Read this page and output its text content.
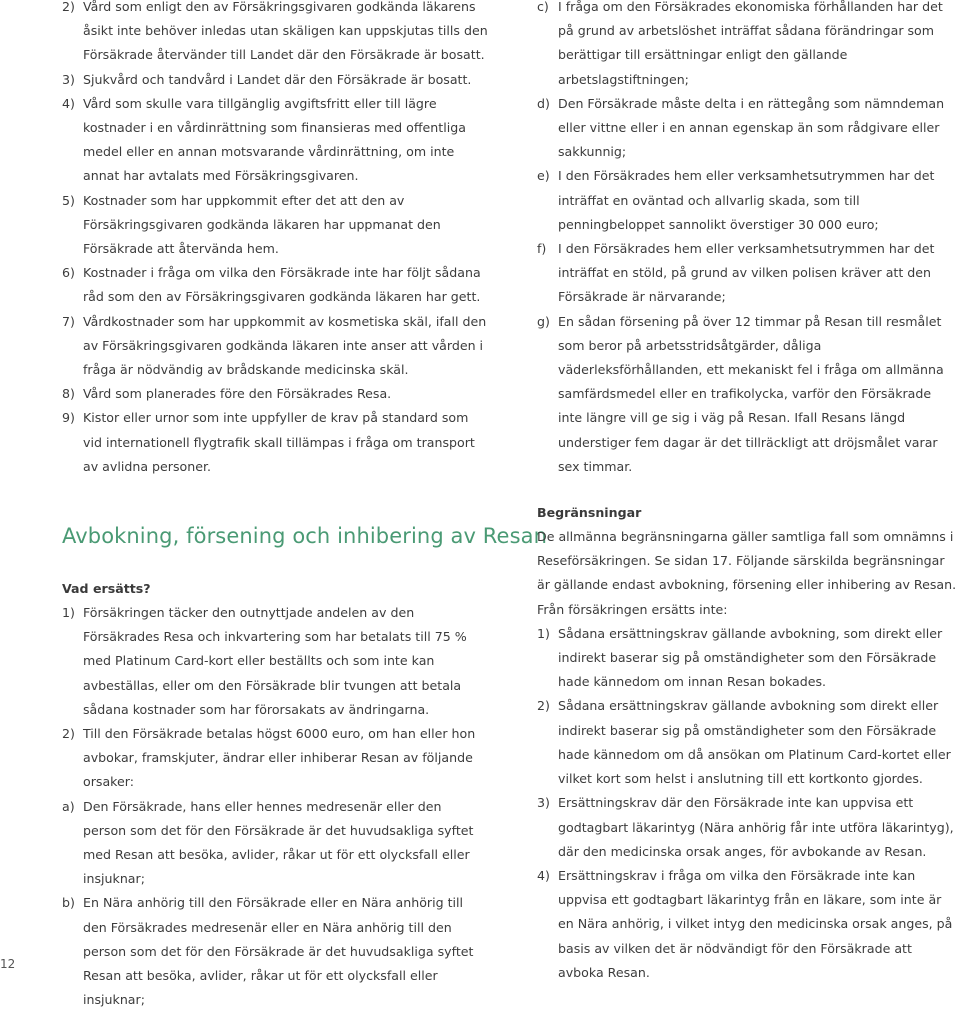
2) Vård som enligt den av Försäkringsgivaren godkända läkarens åsikt inte behöver inledas utan skäligen kan uppskjutas tills den Försäkrade återvänder till Landet där den Försäkrade är bosatt.
3) Sjukvård och tandvård i Landet där den Försäkrade är bosatt.
4) Vård som skulle vara tillgänglig avgiftsfritt eller till lägre kostnader i en vårdinrättning som finansieras med offentliga medel eller en annan motsvarande vårdinrättning, om inte annat har avtalats med Försäkringsgivaren.
5) Kostnader som har uppkommit efter det att den av Försäkringsgivaren godkända läkaren har uppmanat den Försäkrade att återvända hem.
6) Kostnader i fråga om vilka den Försäkrade inte har följt sådana råd som den av Försäkringsgivaren godkända läkaren har gett.
7) Vårdkostnader som har uppkommit av kosmetiska skäl, ifall den av Försäkringsgivaren godkända läkaren inte anser att vården i fråga är nödvändig av brådskande medicinska skäl.
8) Vård som planerades före den Försäkrades Resa.
9) Kistor eller urnor som inte uppfyller de krav på standard som vid internationell flygtrafik skall tillämpas i fråga om transport av avlidna personer.
Avbokning, försening och inhibering av Resan
Vad ersätts?
1) Försäkringen täcker den outnyttjade andelen av den Försäkrades Resa och inkvartering som har betalats till 75 % med Platinum Card-kort eller beställts och som inte kan avbeställas, eller om den Försäkrade blir tvungen att betala sådana kostnader som har förorsakats av ändringarna.
2) Till den Försäkrade betalas högst 6000 euro, om han eller hon avbokar, framskjuter, ändrar eller inhiberar Resan av följande orsaker:
a) Den Försäkrade, hans eller hennes medresenär eller den person som det för den Försäkrade är det huvudsakliga syftet med Resan att besöka, avlider, råkar ut för ett olycksfall eller insjuknar;
b) En Nära anhörig till den Försäkrade eller en Nära anhörig till den Försäkrades medresenär eller en Nära anhörig till den person som det för den Försäkrade är det huvudsakliga syftet Resan att besöka, avlider, råkar ut för ett olycksfall eller insjuknar;
c) I fråga om den Försäkrades ekonomiska förhållanden har det på grund av arbetslöshet inträffat sådana förändringar som berättigar till ersättningar enligt den gällande arbetslagstiftningen;
d) Den Försäkrade måste delta i en rättegång som nämndeman eller vittne eller i en annan egenskap än som rådgivare eller sakkunnig;
e) I den Försäkrades hem eller verksamhetsutrymmen har det inträffat en oväntad och allvarlig skada, som till penningbeloppet sannolikt överstiger 30 000 euro;
f) I den Försäkrades hem eller verksamhetsutrymmen har det inträffat en stöld, på grund av vilken polisen kräver att den Försäkrade är närvarande;
g) En sådan försening på över 12 timmar på Resan till resmålet som beror på arbetsstridsåtgärder, dåliga väderleksförhållanden, ett mekaniskt fel i fråga om allmänna samfärdsmedel eller en trafikolycka, varför den Försäkrade inte längre vill ge sig i väg på Resan. Ifall Resans längd understiger fem dagar är det tillräckligt att dröjsmålet varar sex timmar.
Begränsningar
De allmänna begränsningarna gäller samtliga fall som omnämns i Reseförsäkringen. Se sidan 17. Följande särskilda begränsningar är gällande endast avbokning, försening eller inhibering av Resan. Från försäkringen ersätts inte:
1) Sådana ersättningskrav gällande avbokning, som direkt eller indirekt baserar sig på omständigheter som den Försäkrade hade kännedom om innan Resan bokades.
2) Sådana ersättningskrav gällande avbokning som direkt eller indirekt baserar sig på omständigheter som den Försäkrade hade kännedom om då ansökan om Platinum Card-kortet eller vilket kort som helst i anslutning till ett kortkonto gjordes.
3) Ersättningskrav där den Försäkrade inte kan uppvisa ett godtagbart läkarintyg (Nära anhörig får inte utföra läkarintyg), där den medicinska orsak anges, för avbokande av Resan.
4) Ersättningskrav i fråga om vilka den Försäkrade inte kan uppvisa ett godtagbart läkarintyg från en läkare, som inte är en Nära anhörig, i vilket intyg den medicinska orsak anges, på basis av vilken det är nödvändigt för den Försäkrade att avboka Resan.
12
